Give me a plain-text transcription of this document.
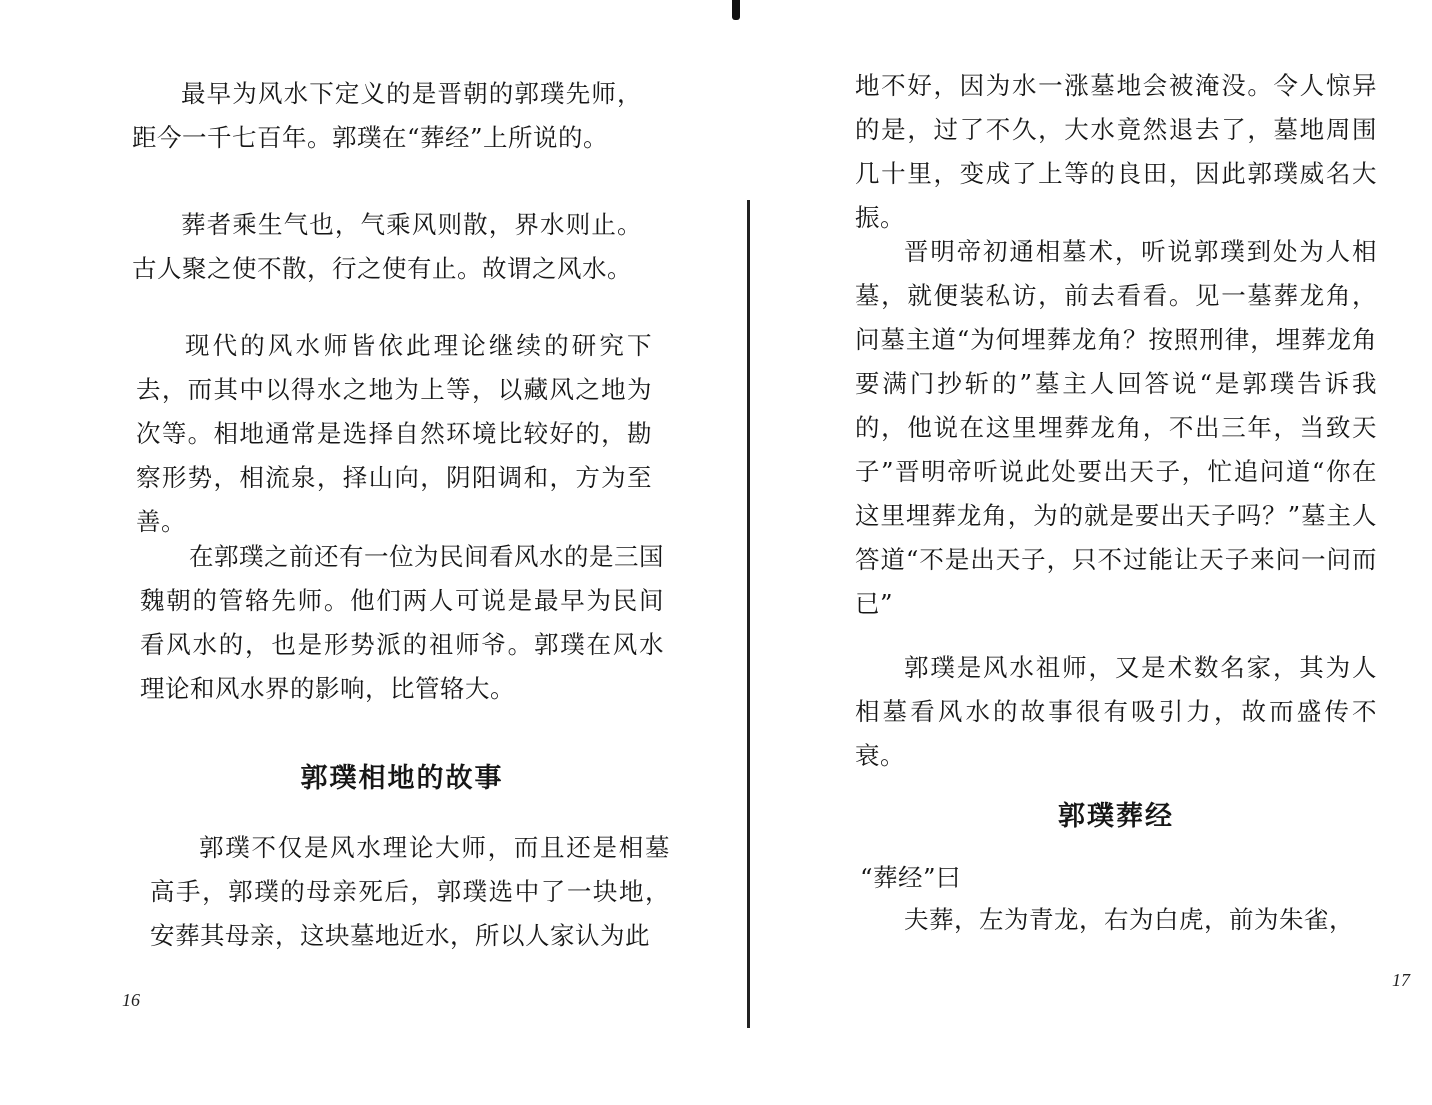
最早为风水下定义的是晋朝的郭璞先师，距今一千七百年。郭璞在“葬经”上所说的。

葬者乘生气也，气乘风则散，界水则止。古人聚之使不散，行之使有止。故谓之风水。

现代的风水师皆依此理论继续的研究下去，而其中以得水之地为上等，以藏风之地为次等。相地通常是选择自然环境比较好的，勘察形势，相流泉，择山向，阴阳调和，方为至善。

在郭璞之前还有一位为民间看风水的是三国魏朝的管辂先师。他们两人可说是最早为民间看风水的，也是形势派的祖师爷。郭璞在风水理论和风水界的影响，比管辂大。

郭璞相地的故事

郭璞不仅是风水理论大师，而且还是相墓高手，郭璞的母亲死后，郭璞选中了一块地，安葬其母亲，这块墓地近水，所以人家认为此

16

地不好，因为水一涨墓地会被淹没。令人惊异的是，过了不久，大水竟然退去了，墓地周围几十里，变成了上等的良田，因此郭璞威名大振。

晋明帝初通相墓术，听说郭璞到处为人相墓，就便装私访，前去看看。见一墓葬龙角，问墓主道“为何埋葬龙角？按照刑律，埋葬龙角要满门抄斩的”墓主人回答说“是郭璞告诉我的，他说在这里埋葬龙角，不出三年，当致天子”晋明帝听说此处要出天子，忙追问道“你在这里埋葬龙角，为的就是要出天子吗？”墓主人答道“不是出天子，只不过能让天子来问一问而已”

郭璞是风水祖师，又是术数名家，其为人相墓看风水的故事很有吸引力，故而盛传不衰。

郭璞葬经

“葬经”曰

夫葬，左为青龙，右为白虎，前为朱雀，

17
